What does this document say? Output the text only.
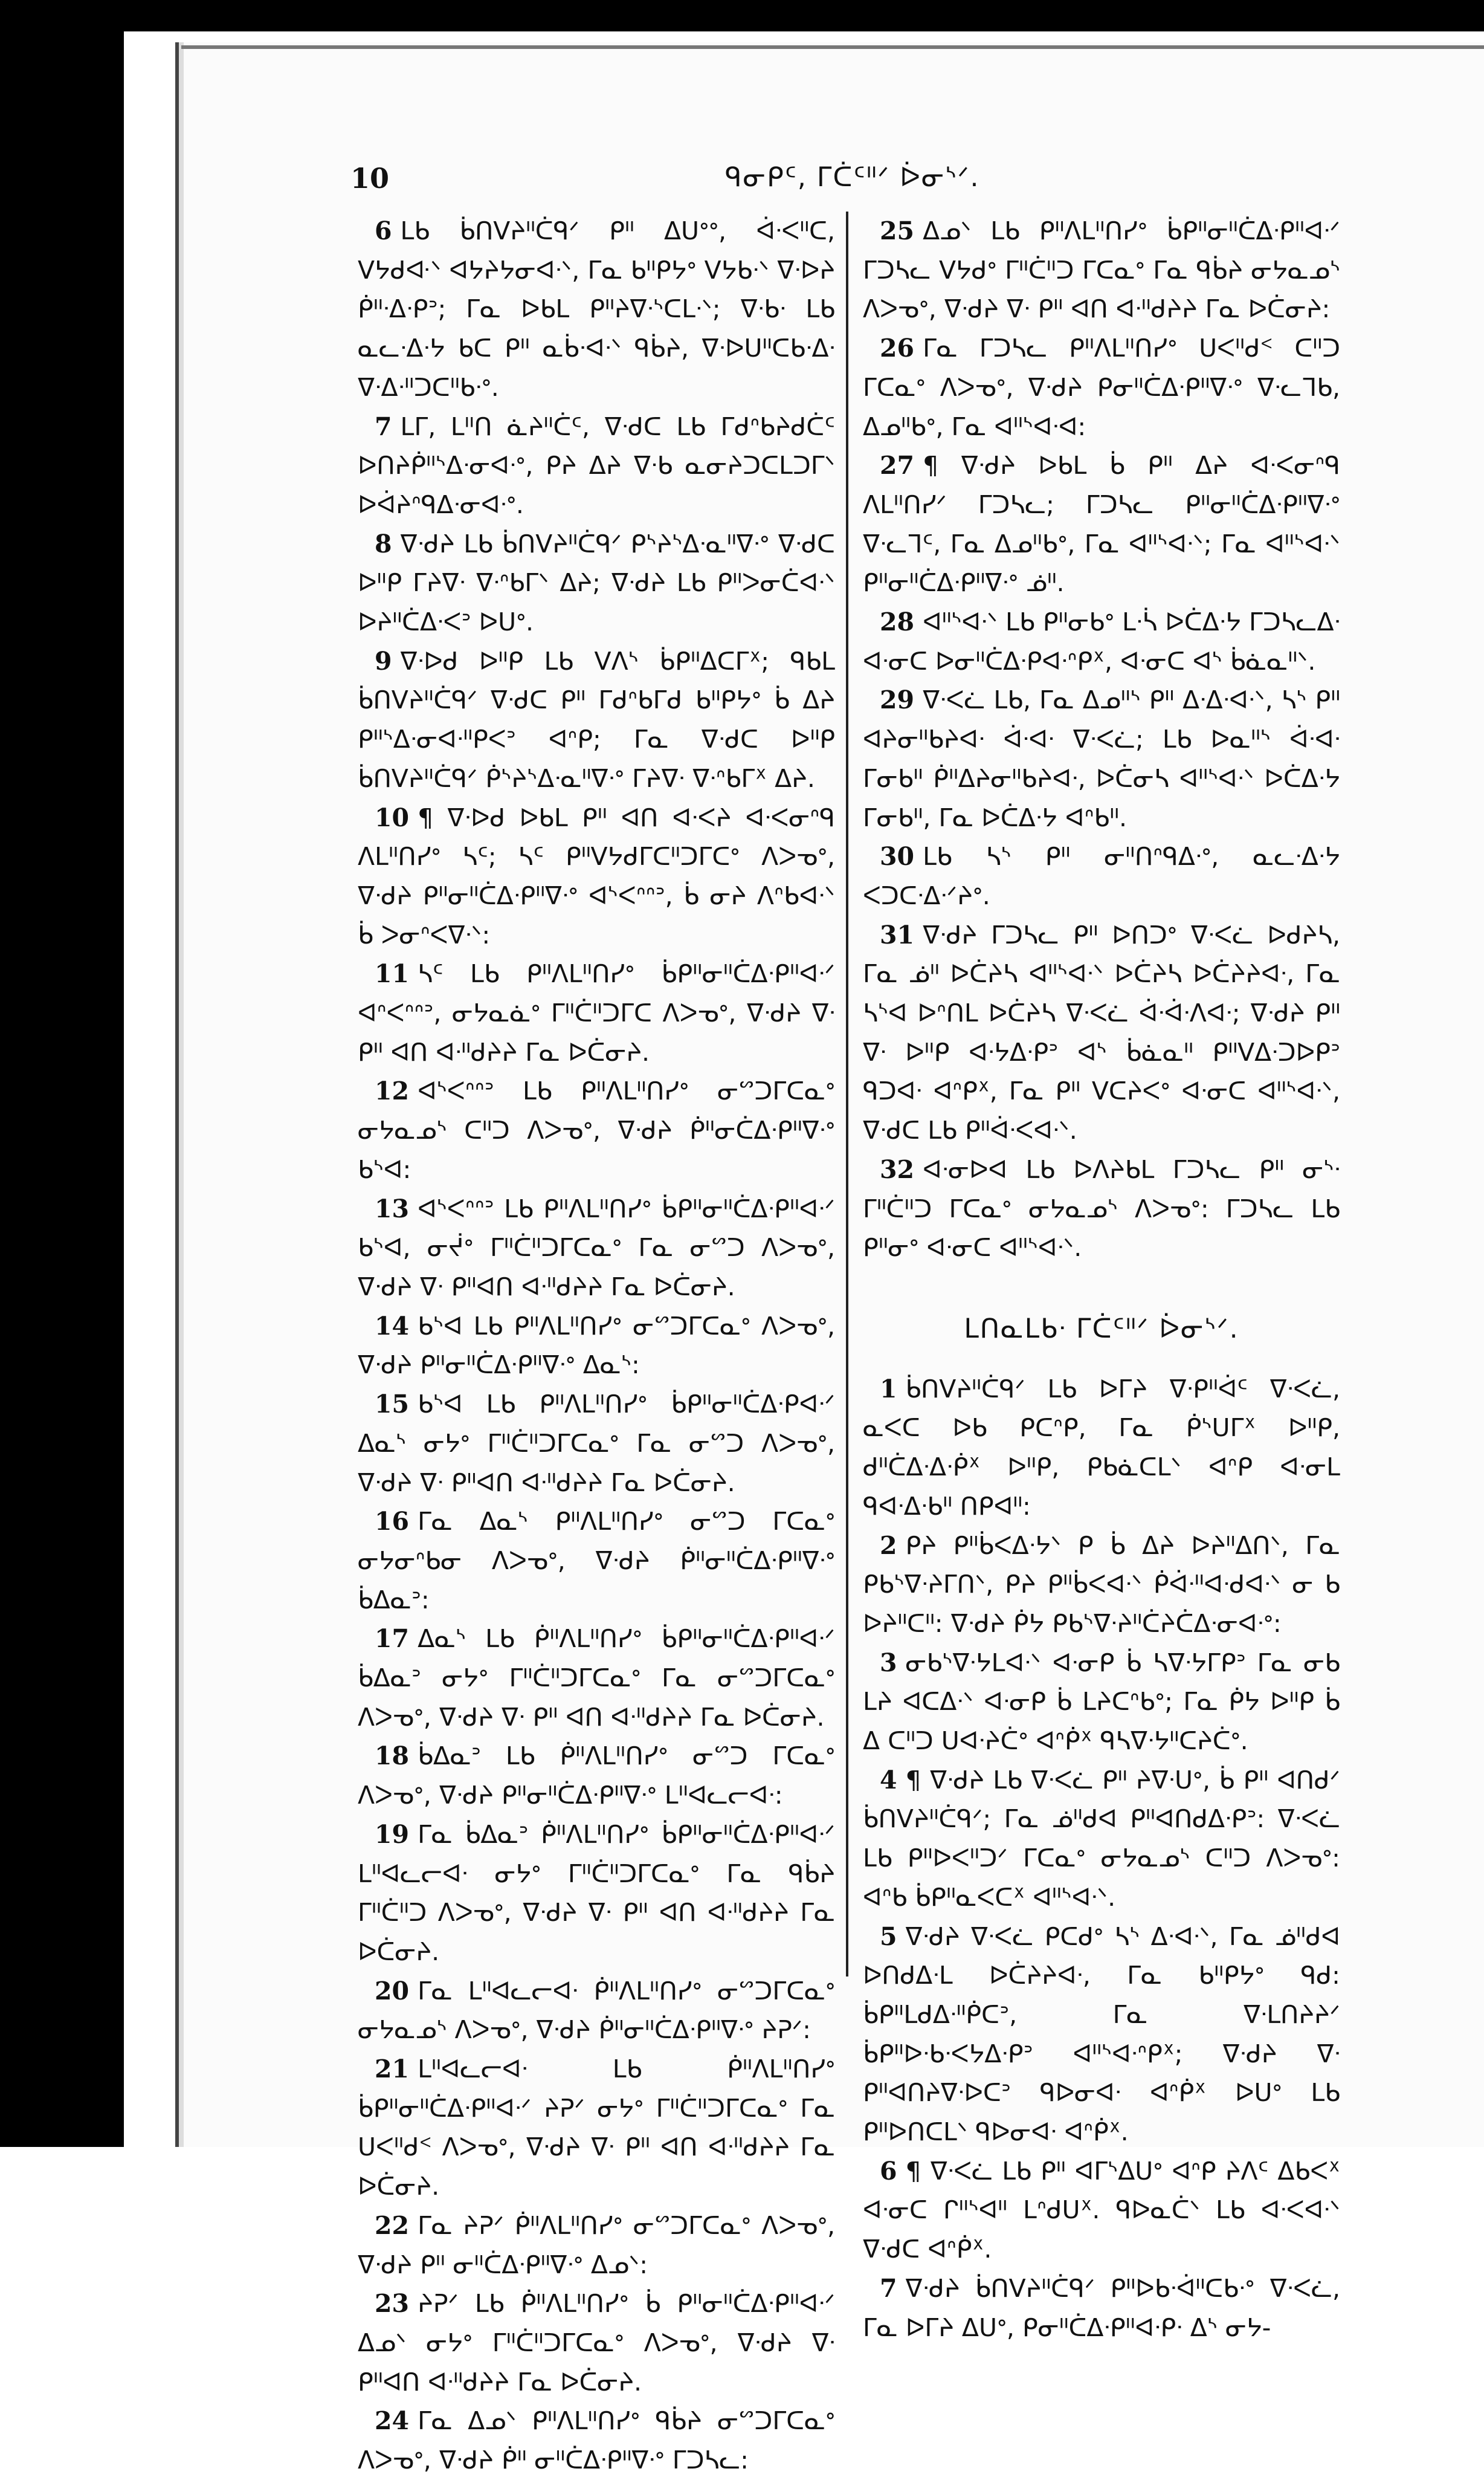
10	ᑫᓂᑭᑦ, ᒥᑖᑦᐦᐟ ᐆᓂᔅᐟ.

6 ᒪᑲ ᑳᑎᐯᔨᐦᑖᑫᐟ ᑭᐦ ᐃᑌᐤᐤ, ᐋᐧᐸᐦᑕ, ᐯᔭᑯᐘᐠ ᐊᔭᔨᔭᓂᐊᐧᐠ, ᒥᓇ ᑲᐦᑭᔭᐤ ᐯᔭᑲᐧᐠ ᐁᐧᐅᔨ ᑮᐦᐧᐃᐧᑭᐣ; ᒥᓇ ᐅᑲᒪ ᑭᐦᔨᐁᐧᔅᑕᒪᐧᐠ; ᐁᐧᑲᐧ ᒪᑲ ᓇᓚᐧᐃᐧᔭ ᑲᑕ ᑭᐦ ᓇᑳᐧᐊᐧᐠ ᑫᑳᔨ, ᐁᐧᐅᑌᐦᑕᑲᐧᐃᐧ ᐁᐧᐃᐧᐦᑐᑕᐦᑲᐧᐤ.

7 ᒪᒥ, ᒪᐦᑎ ᓈᔨᐦᑖᑦ, ᐁᐧᑯᑕ ᒪᑲ ᒥᑯᐢᑲᔨᑯᑖᑦ ᐅᑎᔨᑮᐦᔅᐃᐧᓂᐊᐧᐤ, ᑭᔨ ᐃᔨ ᐁᐧᑲ ᓇᓂᔨᑐᑕᒪᑐᒥᐠ ᐅᐋᔨᐢᑫᐃᐧᓂᐊᐧᐤ.

8 ᐁᐧᑯᔨ ᒪᑲ ᑳᑎᐯᔨᐦᑖᑫᐟ ᑭᔅᔨᔅᐃᐧᓇᐦᐁᐧᐤ ᐁᐧᑯᑕ ᐅᐦᑭ ᒥᔨᐁᐧ ᐁᐧᐢᑲᒥᐠ ᐃᔨ; ᐁᐧᑯᔨ ᒪᑲ ᑭᐦᐳᓂᑖᐊᐧᐠ ᐅᔨᐦᑖᐃᐧᐸᐣ ᐅᑌᐤ.

9 ᐁᐧᐅᑯ ᐅᐦᑭ ᒪᑲ ᐯᐱᔅ ᑳᑭᐦᐃᑕᒥᕽ; ᑫᑲᒪ ᑳᑎᐯᔨᐦᑖᑫᐟ ᐁᐧᑯᑕ ᑭᐦ ᒥᑯᐢᑲᒥᑯ ᑲᐦᑭᔭᐤ ᑳ ᐃᔨ ᑭᐦᔅᐃᐧᓂᐊᐧᐦᑭᐸᐣ ᐊᐢᑭ; ᒥᓇ ᐁᐧᑯᑕ ᐅᐦᑭ ᑳᑎᐯᔨᐦᑖᑫᐟ ᑮᔅᔨᔅᐃᐧᓇᐦᐁᐧᐤ ᒥᔨᐁᐧ ᐁᐧᐢᑲᒥᕽ ᐃᔨ.

10 ¶ ᐁᐧᐅᑯ ᐅᑲᒪ ᑭᐦ ᐊᑎ ᐊᐧᐸᔨ ᐊᐧᐸᓂᐢᑫ ᐱᒪᐦᑎᓯᐤ ᓴᑦ; ᓴᑦ ᑭᐦᐯᔭᑯᒥᑕᐦᑐᒥᑕᐤ ᐱᐳᓀᐤ, ᐁᐧᑯᔨ ᑭᐦᓂᐦᑖᐃᐧᑭᐦᐁᐧᐤ ᐊᔅᐸᐢᐢᐣ, ᑳ ᓂᔨ ᐱᐢᑲᐊᐧᐠ ᑳ ᐳᓂᐢᐸᐁᐧᐠ:

11 ᓴᑦ ᒪᑲ ᑭᐦᐱᒪᐦᑎᓯᐤ ᑳᑭᐦᓂᐦᑖᐃᐧᑭᐦᐊᐧᐟ ᐊᐢᐸᐢᐢᐣ, ᓂᔭᓇᓈᐤ ᒥᐦᑖᐦᑐᒥᑕ ᐱᐳᓀᐤ, ᐁᐧᑯᔨ ᐁᐧ ᑭᐦ ᐊᑎ ᐊᐧᐦᑯᔨᔨ ᒥᓇ ᐅᑖᓂᔨ.

12 ᐊᔅᐸᐢᐢᐣ ᒪᑲ ᑭᐦᐱᒪᐦᑎᓯᐤ ᓂᔥᑐᒥᑕᓇᐤ ᓂᔭᓇᓄᔅ ᑕᐦᑐ ᐱᐳᓀᐤ, ᐁᐧᑯᔨ ᑮᐦᓂᑖᐃᐧᑭᐦᐁᐧᐤ ᑲᔅᐊ:

13 ᐊᔅᐸᐢᐢᐣ ᒪᑲ ᑭᐦᐱᒪᐦᑎᓯᐤ ᑳᑭᐦᓂᐦᑖᐃᐧᑭᐦᐊᐧᐟ ᑲᔅᐊ, ᓂᔫᐤ ᒥᐦᑖᐦᑐᒥᑕᓇᐤ ᒥᓇ ᓂᔥᑐ ᐱᐳᓀᐤ, ᐁᐧᑯᔨ ᐁᐧ ᑭᐦᐊᑎ ᐊᐧᐦᑯᔨᔨ ᒥᓇ ᐅᑖᓂᔨ.

14 ᑲᔅᐊ ᒪᑲ ᑭᐦᐱᒪᐦᑎᓯᐤ ᓂᔥᑐᒥᑕᓇᐤ ᐱᐳᓀᐤ, ᐁᐧᑯᔨ ᑭᐦᓂᐦᑖᐃᐧᑭᐦᐁᐧᐤ ᐃᓇᔅ:

15 ᑲᔅᐊ ᒪᑲ ᑭᐦᐱᒪᐦᑎᓯᐤ ᑳᑭᐦᓂᐦᑖᐃᐧᑭᐊᐧᐟ ᐃᓇᔅ ᓂᔭᐤ ᒥᐦᑖᐦᑐᒥᑕᓇᐤ ᒥᓇ ᓂᔥᑐ ᐱᐳᓀᐤ, ᐁᐧᑯᔨ ᐁᐧ ᑭᐦᐊᑎ ᐊᐧᐦᑯᔨᔨ ᒥᓇ ᐅᑖᓂᔨ.

16 ᒥᓇ ᐃᓇᔅ ᑭᐦᐱᒪᐦᑎᓯᐤ ᓂᔥᑐ ᒥᑕᓇᐤ ᓂᔭᓂᐢᑲᓂ ᐱᐳᓀᐤ, ᐁᐧᑯᔨ ᑮᐦᓂᐦᑖᐃᐧᑭᐦᐁᐧᐤ ᑳᐃᓇᐣ:

17 ᐃᓇᔅ ᒪᑲ ᑮᐦᐱᒪᐦᑎᓯᐤ ᑳᑭᐦᓂᐦᑖᐃᐧᑭᐦᐊᐧᐟ ᑳᐃᓇᐣ ᓂᔭᐤ ᒥᐦᑖᐦᑐᒥᑕᓇᐤ ᒥᓇ ᓂᔥᑐᒥᑕᓇᐤ ᐱᐳᓀᐤ, ᐁᐧᑯᔨ ᐁᐧ ᑭᐦ ᐊᑎ ᐊᐧᐦᑯᔨᔨ ᒥᓇ ᐅᑖᓂᔨ.

18 ᑳᐃᓇᐣ ᒪᑲ ᑮᐦᐱᒪᐦᑎᓯᐤ ᓂᔥᑐ ᒥᑕᓇᐤ ᐱᐳᓀᐤ, ᐁᐧᑯᔨ ᑭᐦᓂᐦᑖᐃᐧᑭᐦᐁᐧᐤ ᒪᐦᐊᓚᓕᐊᐧ:

19 ᒥᓇ ᑳᐃᓇᐣ ᑮᐦᐱᒪᐦᑎᓯᐤ ᑳᑭᐦᓂᐦᑖᐃᐧᑭᐦᐊᐧᐟ ᒪᐦᐊᓚᓕᐊᐧ ᓂᔭᐤ ᒥᐦᑖᐦᑐᒥᑕᓇᐤ ᒥᓇ ᑫᑳᔨ ᒥᐦᑖᐦᑐ ᐱᐳᓀᐤ, ᐁᐧᑯᔨ ᐁᐧ ᑭᐦ ᐊᑎ ᐊᐧᐦᑯᔨᔨ ᒥᓇ ᐅᑖᓂᔨ.

20 ᒥᓇ ᒪᐦᐊᓚᓕᐊᐧ ᑮᐦᐱᒪᐦᑎᓯᐤ ᓂᔥᑐᒥᑕᓇᐤ ᓂᔭᓇᓄᔅ ᐱᐳᓀᐤ, ᐁᐧᑯᔨ ᑮᐦᓂᐦᑖᐃᐧᑭᐦᐁᐧᐤ ᔨᕈᐟ:

21 ᒪᐦᐊᓚᓕᐊᐧ ᒪᑲ ᑮᐦᐱᒪᐦᑎᓯᐤ ᑳᑭᐦᓂᐦᑖᐃᐧᑭᐦᐊᐧᐟ ᔨᕈᐟ ᓂᔭᐤ ᒥᐦᑖᐦᑐᒥᑕᓇᐤ ᒥᓇ ᑌᐸᐦᑯᑉ ᐱᐳᓀᐤ, ᐁᐧᑯᔨ ᐁᐧ ᑭᐦ ᐊᑎ ᐊᐧᐦᑯᔨᔨ ᒥᓇ ᐅᑖᓂᔨ.

22 ᒥᓇ ᔨᕈᐟ ᑮᐦᐱᒪᐦᑎᓯᐤ ᓂᔥᑐᒥᑕᓇᐤ ᐱᐳᓀᐤ, ᐁᐧᑯᔨ ᑭᐦ ᓂᐦᑖᐃᐧᑭᐦᐁᐧᐤ ᐃᓄᐠ:

23 ᔨᕈᐟ ᒪᑲ ᑮᐦᐱᒪᐦᑎᓯᐤ ᑳ ᑭᐦᓂᐦᑖᐃᐧᑭᐦᐊᐧᐟ ᐃᓄᐠ ᓂᔭᐤ ᒥᐦᑖᐦᑐᒥᑕᓇᐤ ᐱᐳᓀᐤ, ᐁᐧᑯᔨ ᐁᐧ ᑭᐦᐊᑎ ᐊᐧᐦᑯᔨᔨ ᒥᓇ ᐅᑖᓂᔨ.

24 ᒥᓇ ᐃᓄᐠ ᑭᐦᐱᒪᐦᑎᓯᐤ ᑫᑳᔨ ᓂᔥᑐᒥᑕᓇᐤ ᐱᐳᓀᐤ, ᐁᐧᑯᔨ ᑮᐦ ᓂᐦᑖᐃᐧᑭᐦᐁᐧᐤ ᒥᑐᓴᓚ:

25 ᐃᓄᐠ ᒪᑲ ᑭᐦᐱᒪᐦᑎᓯᐤ ᑳᑭᐦᓂᐦᑖᐃᐧᑭᐦᐊᐧᐟ ᒥᑐᓴᓚ ᐯᔭᑯᐤ ᒥᐦᑖᐦᑐ ᒥᑕᓇᐤ ᒥᓇ ᑫᑳᔨ ᓂᔭᓇᓄᔅ ᐱᐳᓀᐤ, ᐁᐧᑯᔨ ᐁᐧ ᑭᐦ ᐊᑎ ᐊᐧᐦᑯᔨᔨ ᒥᓇ ᐅᑖᓂᔨ:

26 ᒥᓇ ᒥᑐᓴᓚ ᑭᐦᐱᒪᐦᑎᓯᐤ ᑌᐸᐦᑯᑉ ᑕᐦᑐ ᒥᑕᓇᐤ ᐱᐳᓀᐤ, ᐁᐧᑯᔨ ᑭᓂᐦᑖᐃᐧᑭᐦᐁᐧᐤ ᐁᐧᓚᒣᑲ, ᐃᓄᐦᑲᐤ, ᒥᓇ ᐊᐦᔅᐊᐧᐊ:

27 ¶ ᐁᐧᑯᔨ ᐅᑲᒪ ᑳ ᑭᐦ ᐃᔨ ᐊᐧᐸᓂᐢᑫ ᐱᒪᐦᑎᓯᐟ ᒥᑐᓴᓚ; ᒥᑐᓴᓚ ᑭᐦᓂᐦᑖᐃᐧᑭᐦᐁᐧᐤ ᐁᐧᓚᒣᑦ, ᒥᓇ ᐃᓄᐦᑲᐤ, ᒥᓇ ᐊᐦᔅᐊᐧᐠ; ᒥᓇ ᐊᐦᔅᐊᐧᐠ ᑭᐦᓂᐦᑖᐃᐧᑭᐦᐁᐧᐤ ᓅᐦ.

28 ᐊᐦᔅᐊᐧᐠ ᒪᑲ ᑭᐦᓂᑲᐤ ᒪᐧᓵ ᐅᑖᐃᐧᔭ ᒥᑐᓴᓚᐃᐧ ᐊᐧᓂᑕ ᐅᓂᐦᑖᐃᐧᑭᐊᐧᐢᑭᕽ, ᐊᐧᓂᑕ ᐊᔅ ᑳᓈᓇᐦᐠ.

29 ᐁᐧᐸᓛ ᒪᑲ, ᒥᓇ ᐃᓄᐦᔅ ᑭᐦ ᐃᐧᐃᐧᐊᐧᐠ, ᓴᔅ ᑭᐦ ᐊᔨᓂᐦᑲᔨᐊᐧ ᐋᐧᐊᐧ ᐁᐧᐸᓛ; ᒪᑲ ᐅᓇᐦᔅ ᐋᐧᐊᐧ ᒥᓂᑲᐦ ᑮᐦᐃᔨᓂᐦᑲᔨᐊᐧ, ᐅᑖᓂᓴ ᐊᐦᔅᐊᐧᐠ ᐅᑖᐃᐧᔭ ᒥᓂᑲᐦ, ᒥᓇ ᐅᑖᐃᐧᔭ ᐊᐢᑲᐦ.

30 ᒪᑲ ᓴᔅ ᑭᐦ ᓂᐦᑎᐢᑫᐃᐧᐤ, ᓇᓚᐧᐃᐧᔭ ᐸᑐᑕᐧᐃᐧᐟᔨᐤ.

31 ᐁᐧᑯᔨ ᒥᑐᓴᓚ ᑭᐦ ᐅᑎᑐᐤ ᐁᐧᐸᓛ ᐅᑯᔨᓴ, ᒥᓇ ᓅᐦ ᐅᑖᔨᓴ ᐊᐦᔅᐊᐧᐠ ᐅᑖᔨᓴ ᐅᑖᔨᔨᐊᐧ, ᒥᓇ ᓴᔅᐊ ᐅᐢᑎᒪ ᐅᑖᔨᓴ ᐁᐧᐸᓛ ᐋᐧᐋᐧᐱᐊᐧ; ᐁᐧᑯᔨ ᑭᐦ ᐁᐧ ᐅᐦᑭ ᐊᐧᔭᐃᐧᑭᐣ ᐊᔅ ᑳᓈᓇᐦ ᑭᐦᐯᐃᐧᑐᐅᑭᐣ ᑫᑐᐊᐧ ᐊᐢᑭᕽ, ᒥᓇ ᑭᐦ ᐯᑕᔨᐸᐤ ᐊᐧᓂᑕ ᐊᐦᔅᐊᐧᐠ, ᐁᐧᑯᑕ ᒪᑲ ᑭᐦᐋᐧᐸᐊᐧᐠ.

32 ᐊᐧᓂᐅᐊ ᒪᑲ ᐅᐱᔨᑲᒪ ᒥᑐᓴᓚ ᑭᐦ ᓂᔅᐧ ᒥᐦᑖᐦᑐ ᒥᑕᓇᐤ ᓂᔭᓇᓄᔅ ᐱᐳᓀᐤ: ᒥᑐᓴᓚ ᒪᑲ ᑭᐦᓂᐤ ᐊᐧᓂᑕ ᐊᐦᔅᐊᐧᐠ.

ᒪᑎᓇᒪᑲᐧ ᒥᑖᑦᐦᐟ ᐆᓂᔅᐟ.

1 ᑳᑎᐯᔨᐦᑖᑫᐟ ᒪᑲ ᐅᒥᔨ ᐁᐧᑭᐦᐋᑦ ᐁᐧᐸᓛ, ᓇᐸᑕ ᐅᑲ ᑭᑕᐢᑭ, ᒥᓇ ᑮᔅᑌᒥᕽ ᐅᐦᑭ, ᑯᐦᑖᐃᐧᐃᐧᑮᕽ ᐅᐦᑭ, ᑭᑲᓈᑕᒪᐠ ᐊᐢᑭ ᐊᐧᓂᒪ ᑫᐊᐧᐃᐧᑲᐦ ᑎᑭᐊᐦ:

2 ᑭᔨ ᑭᐦᑳᐸᐃᐧᔭᐠ ᑭ ᑳ ᐃᔨ ᐅᔨᐦᐃᑎᐠ, ᒥᓇ ᑭᑲᔅᐁᐧᔨᒥᑎᐠ, ᑭᔨ ᑭᐦᑳᐸᐊᐧᐠ ᑮᐋᐧᐦᐊᐧᑯᐊᐧᐠ ᓂ ᑲ ᐅᔨᐦᑕᐦ: ᐁᐧᑯᔨ ᑮᔭ ᑭᑲᔅᐁᐧᔨᐦᑖᔨᑖᐃᐧᓂᐊᐧᐤ:

3 ᓂᑲᔅᐁᐧᔭᒪᐊᐧᐠ ᐊᐧᓂᑭ ᑳ ᓴᐁᐧᔭᒥᑭᐣ ᒥᓇ ᓂᑲ ᒪᔨ ᐊᑕᐃᐧᐠ ᐊᐧᓂᑭ ᑳ ᒪᔨᑕᐢᑲᐤ; ᒥᓇ ᑮᔭ ᐅᐦᑭ ᑳ ᐃ ᑕᐦᑐ ᑌᐊᐧᔨᑖᐤ ᐊᐢᑮᕽ ᑫᓴᐁᐧᔭᐦᑕᔨᑖᐤ.

4 ¶ ᐁᐧᑯᔨ ᒪᑲ ᐁᐧᐸᓛ ᑭᐦ ᔨᐁᐧᑌᐤ, ᑳ ᑭᐦ ᐊᑎᑯᐟ ᑳᑎᐯᔨᐦᑖᑫᐟ; ᒥᓇ ᓅᐦᑯᐊ ᑭᐦᐊᑎᑯᐃᐧᑭᐣ: ᐁᐧᐸᓛ ᒪᑲ ᑭᐦᐅᐸᐦᑐᐟ ᒥᑕᓇᐤ ᓂᔭᓇᓄᔅ ᑕᐦᑐ ᐱᐳᓀᐤ: ᐊᐢᑲ ᑳᑭᐦᓇᐸᑕᕽ ᐊᐦᔅᐊᐧᐠ.

5 ᐁᐧᑯᔨ ᐁᐧᐸᓛ ᑭᑕᑯᐤ ᓴᔅ ᐃᐧᐊᐧᐠ, ᒥᓇ ᓅᐦᑯᐊ ᐅᑎᑯᐃᐧᒪ ᐅᑖᔨᔨᐊᐧ, ᒥᓇ ᑲᐦᑭᔭᐤ ᑫᑯ: ᑳᑭᐦᒪᑯᐃᐧᐦᑮᑕᐣ, ᒥᓇ ᐁᐧᒪᑎᔨᔨᐟ ᑳᑭᐦᐅᐧᑲᐧᐸᔭᐃᐧᑭᐣ ᐊᐦᔅᐊᐧᐢᑭᕽ; ᐁᐧᑯᔨ ᐁᐧ ᑭᐦᐊᑎᔨᐁᐧᐅᑕᐣ ᑫᐅᓂᐊᐧ ᐊᐢᑮᕽ ᐅᑌᐤ ᒪᑲ ᑭᐦᐅᑎᑕᒪᐠ ᑫᐅᓂᐊᐧ ᐊᐢᑮᕽ.

6 ¶ ᐁᐧᐸᓛ ᒪᑲ ᑭᐦ ᐊᒥᔅᐃᑌᐤ ᐊᐢᑭ ᔨᐱᑦ ᐃᑲᐸᕽ ᐊᐧᓂᑕ ᒋᐦᔅᐊᐦ ᒪᐢᑯᑌᕽ. ᑫᐅᓇᑖᐠ ᒪᑲ ᐊᐧᐸᐊᐧᐠ ᐁᐧᑯᑕ ᐊᐢᑮᕽ.

7 ᐁᐧᑯᔨ ᑳᑎᐯᔨᐦᑖᑫᐟ ᑭᐦᐅᑲᐧᐋᐦᑕᑲᐧᐤ ᐁᐧᐸᓛ, ᒥᓇ ᐅᒥᔨ ᐃᑌᐤ, ᑭᓂᐦᑖᐃᐧᑭᐦᐊᐧᑭᐧ ᐃᔅ ᓂᔭ-
